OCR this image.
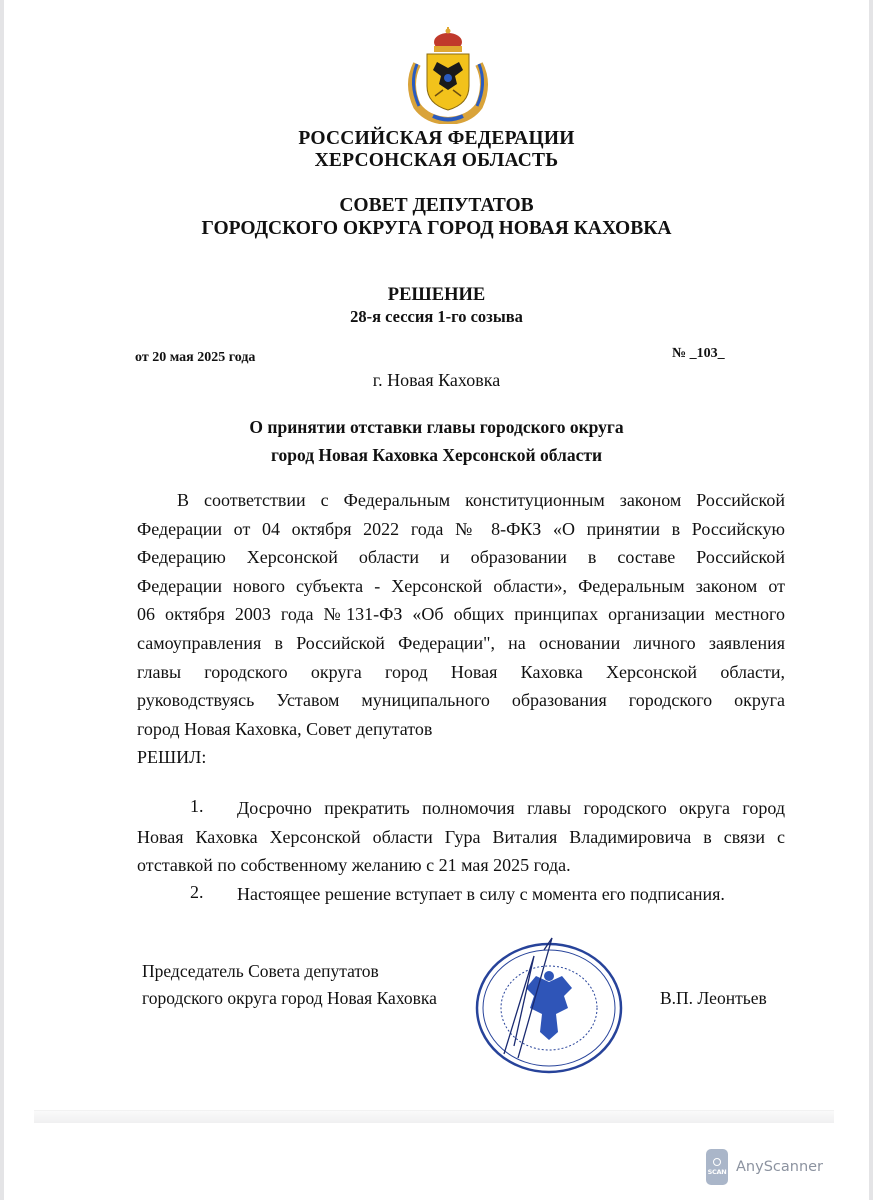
РОССИЙСКАЯ ФЕДЕРАЦИИ
ХЕРСОНСКАЯ ОБЛАСТЬ
СОВЕТ ДЕПУТАТОВ
ГОРОДСКОГО ОКРУГА ГОРОД НОВАЯ КАХОВКА
РЕШЕНИЕ
28-я сессия 1-го созыва
от 20 мая 2025 года	№ _103_
г. Новая Каховка
О принятии отставки главы городского округа
город Новая Каховка Херсонской области
В соответствии с Федеральным конституционным законом Российской
Федерации от 04 октября 2022 года № 8-ФКЗ «О принятии в Российскую
Федерацию Херсонской области и образовании в составе Российской
Федерации нового субъекта - Херсонской области», Федеральным законом от
06 октября 2003 года №131-ФЗ «Об общих принципах организации местного
самоуправления в Российской Федерации", на основании личного заявления
главы городского округа город Новая Каховка Херсонской области,
руководствуясь Уставом муниципального образования городского округа
город Новая Каховка, Совет депутатов
РЕШИЛ:
1.	Досрочно прекратить полномочия главы городского округа город
Новая Каховка Херсонской области Гура Виталия Владимировича в связи с
отставкой по собственному желанию с 21 мая 2025 года.
2.	Настоящее решение вступает в силу с момента его подписания.
Председатель Совета депутатов
городского округа город Новая Каховка	В.П. Леонтьев
SCAN AnyScanner
